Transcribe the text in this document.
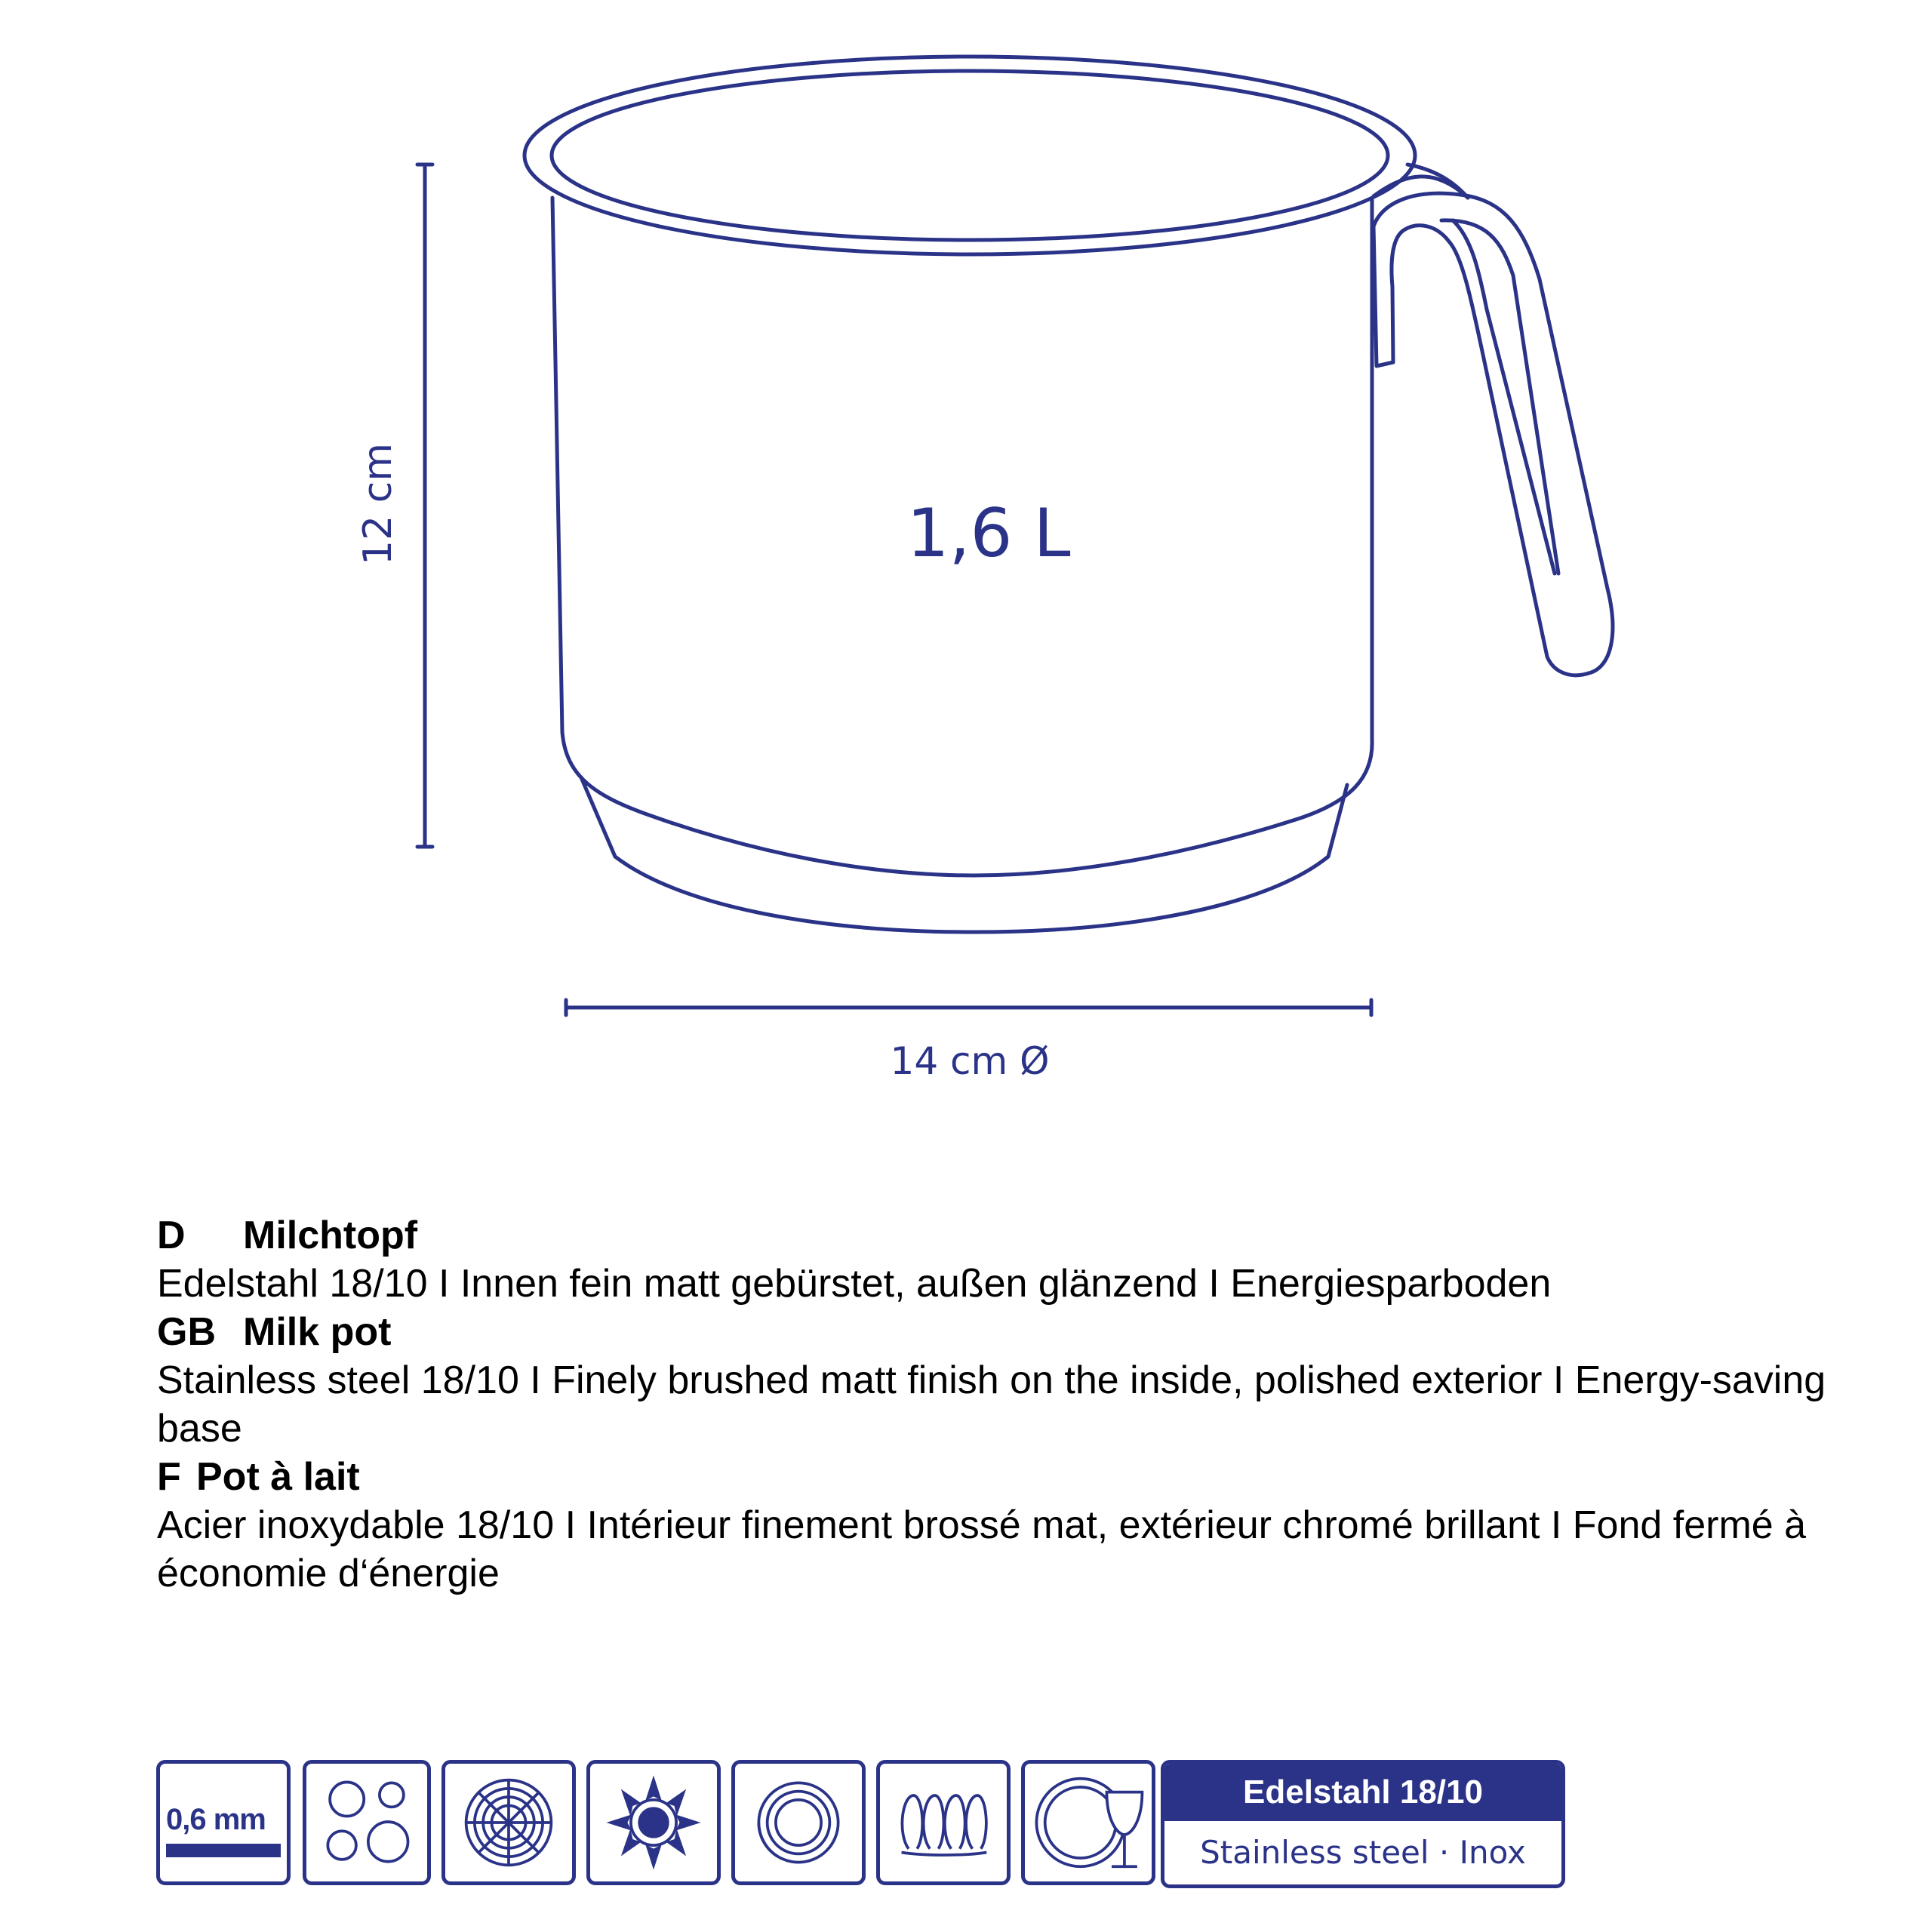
12 cm
14 cm Ø
1,6 L
D Milchtopf
Edelstahl 18/10 I Innen fein matt gebürstet, außen glänzend I Energiesparboden
GB Milk pot
Stainless steel 18/10 I Finely brushed matt finish on the inside, polished exterior I Energy-saving base
F Pot à lait
Acier inoxydable 18/10 I Intérieur finement brossé mat, extérieur chromé brillant I Fond fermé à économie d‘énergie
0,6 mm
Edelstahl 18/10
Stainless steel · Inox
